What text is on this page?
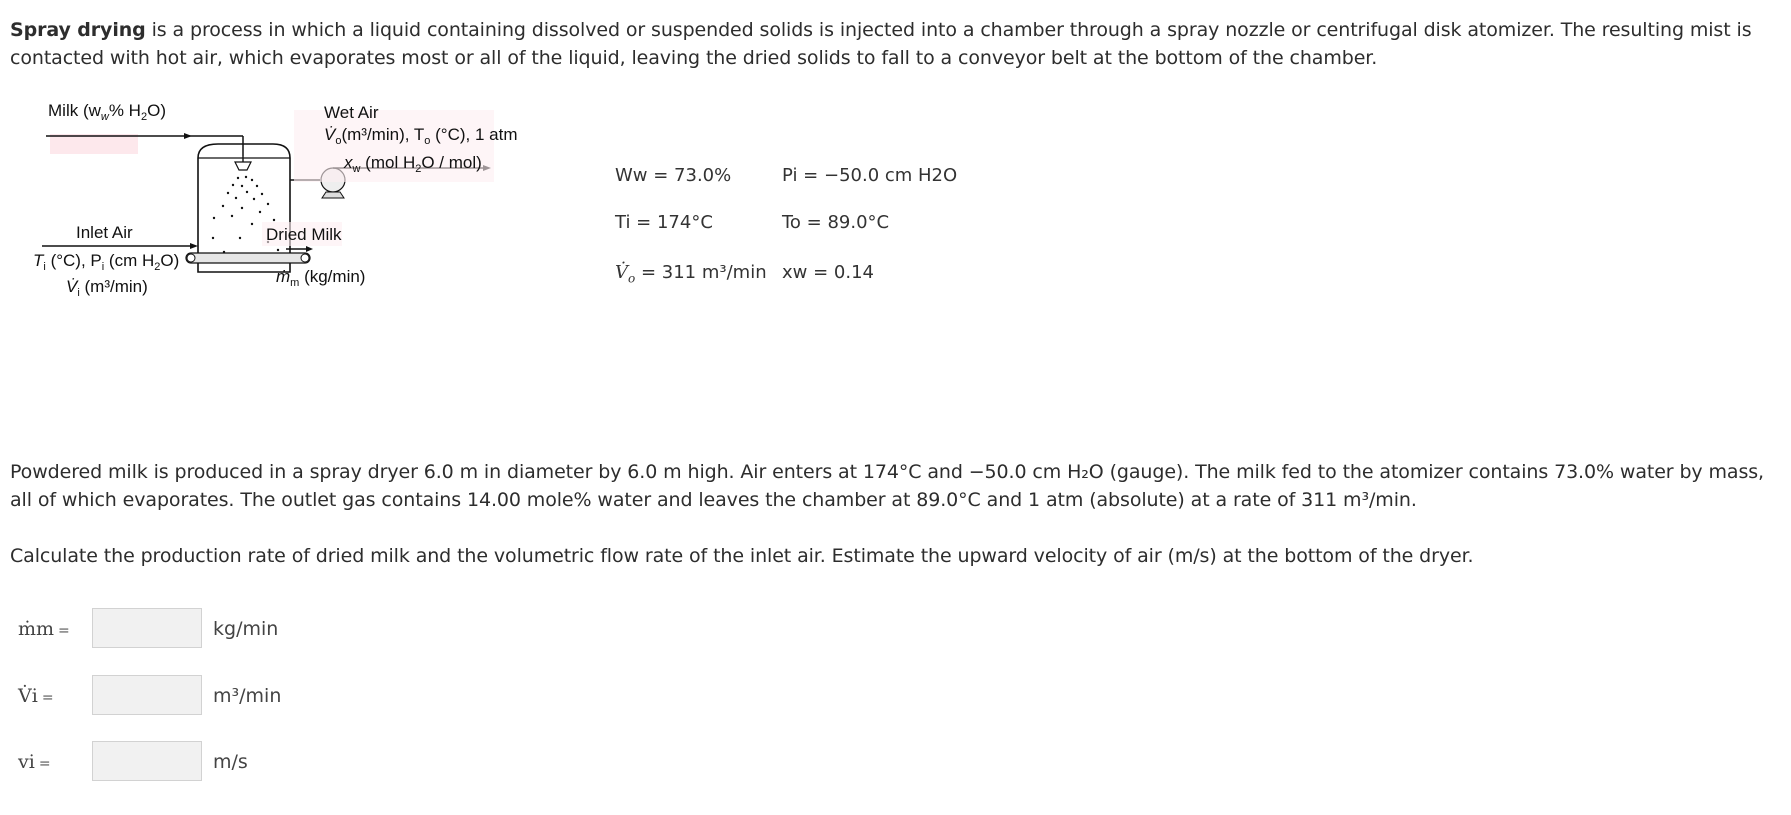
Spray drying is a process in which a liquid containing dissolved or suspended solids is injected into a chamber through a spray nozzle or centrifugal disk atomizer. The resulting mist is contacted with hot air, which evaporates most or all of the liquid, leaving the dried solids to fall to a conveyor belt at the bottom of the chamber.
Milk ($w_w\%$ $H_2O$)	Wet Air
$V̇_o(m^3/\min)$, $T_o$ (°C), 1 atm
$x_w$ (mol $H_2O / mol$)
Inlet Air
$T_i$ (°C), $P_i$ (cm $H_2O$)
$V̇_i$ (m³/min)
Dried Milk
ṁ$_m$ (kg/min)
Ww = 73.0%	Pi = −50.0 cm H2O
Ti = 174°C	To = 89.0°C
$V̇_o = 311$ m³/min xw = 0.14
Powdered milk is produced in a spray dryer 6.0 m in diameter by 6.0 m high. Air enters at 174°C and −50.0 cm H₂O (gauge). The milk fed to the atomizer contains 73.0% water by mass, all of which evaporates. The outlet gas contains 14.00 mole% water and leaves the chamber at 89.0°C and 1 atm (absolute) at a rate of 311 m³/min.
Calculate the production rate of dried milk and the volumetric flow rate of the inlet air. Estimate the upward velocity of air (m/s) at the bottom of the dryer.
ṁm =	kg/min
V̇i =	m³/min
vi =	m/s
